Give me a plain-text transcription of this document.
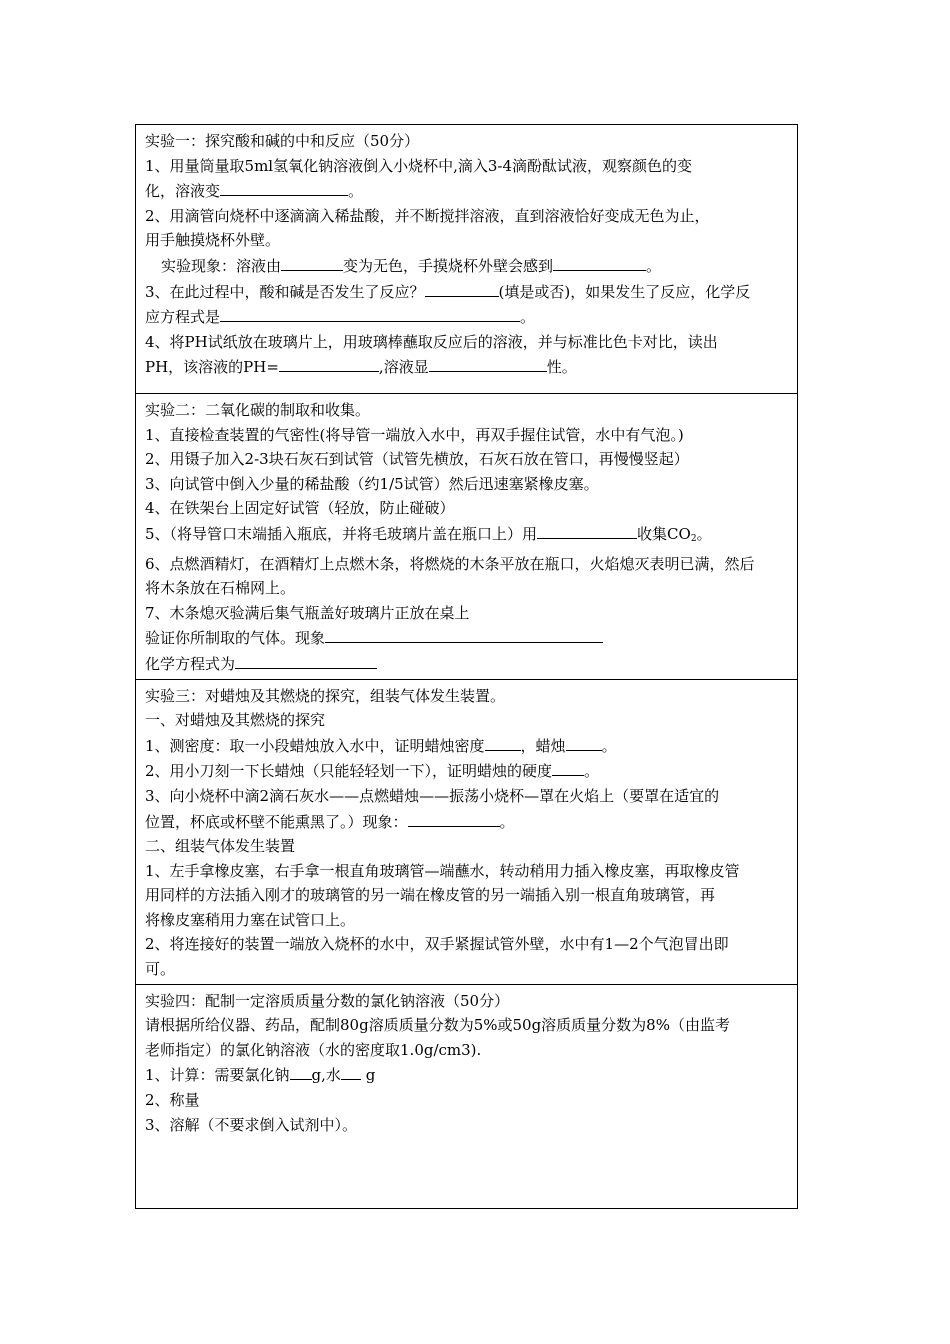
实验一：探究酸和碱的中和反应（50分）
1、用量筒量取5ml氢氧化钠溶液倒入小烧杯中,滴入3-4滴酚酞试液，观察颜色的变
化，溶液变	。
2、用滴管向烧杯中逐滴滴入稀盐酸，并不断搅拌溶液，直到溶液恰好变成无色为止，
用手触摸烧杯外壁。
实验现象：溶液由	变为无色，手摸烧杯外壁会感到	。
3、在此过程中，酸和碱是否发生了反应？	(填是或否)，如果发生了反应，化学反
应方程式是	。
4、将PH试纸放在玻璃片上，用玻璃棒蘸取反应后的溶液，并与标准比色卡对比，读出
PH，该溶液的PH=	,溶液显	性。

实验二：二氧化碳的制取和收集。
1、直接检查装置的气密性(将导管一端放入水中，再双手握住试管，水中有气泡。)
2、用镊子加入2-3块石灰石到试管（试管先横放，石灰石放在管口，再慢慢竖起）
3、向试管中倒入少量的稀盐酸（约1/5试管）然后迅速塞紧橡皮塞。
4、在铁架台上固定好试管（轻放，防止碰破）
5、（将导管口末端插入瓶底，并将毛玻璃片盖在瓶口上）用	收集$CO_2$。
6、点燃酒精灯，在酒精灯上点燃木条，将燃烧的木条平放在瓶口，火焰熄灭表明已满，然后
将木条放在石棉网上。
7、木条熄灭验满后集气瓶盖好玻璃片正放在桌上
验证你所制取的气体。现象
化学方程式为

实验三：对蜡烛及其燃烧的探究，组装气体发生装置。
一、对蜡烛及其燃烧的探究
1、测密度：取一小段蜡烛放入水中，证明蜡烛密度 ，蜡烛 。
2、用小刀刻一下长蜡烛（只能轻轻划一下），证明蜡烛的硬度 。
3、向小烧杯中滴2滴石灰水——点燃蜡烛——振荡小烧杯—罩在火焰上（要罩在适宜的
位置，杯底或杯壁不能熏黑了。）现象：	。
二、组装气体发生装置
1、左手拿橡皮塞，右手拿一根直角玻璃管—端蘸水，转动稍用力插入橡皮塞，再取橡皮管
用同样的方法插入刚才的玻璃管的另一端在橡皮管的另一端插入别一根直角玻璃管，再
将橡皮塞稍用力塞在试管口上。
2、将连接好的装置一端放入烧杯的水中，双手紧握试管外壁，水中有1—2个气泡冒出即
可。

实验四：配制一定溶质质量分数的氯化钠溶液（50分）
请根据所给仪器、药品，配制80g溶质质量分数为5%或50g溶质质量分数为8%（由监考
老师指定）的氯化钠溶液（水的密度取1.0g/cm3).
1、计算：需要氯化钠 g,水 g
2、称量
3、溶解（不要求倒入试剂中）。
